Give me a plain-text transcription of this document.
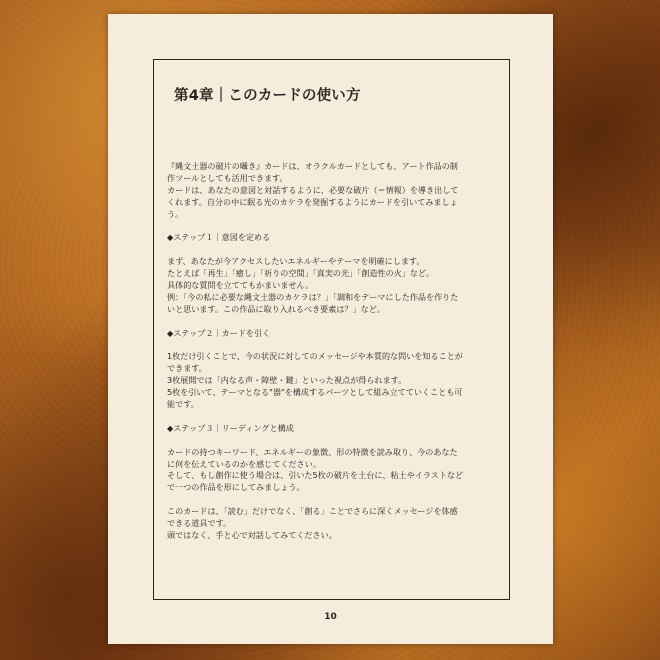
第4章｜このカードの使い方
『縄文土器の破片の囁き』カードは、オラクルカードとしても、アート作品の制
作ツールとしても活用できます。
カードは、あなたの意図と対話するように、必要な破片（＝情報）を導き出して
くれます。自分の中に眠る光のカケラを発掘するようにカードを引いてみましょ
う。
◆ステップ１｜意図を定める
まず、あなたが今アクセスしたいエネルギーやテーマを明確にします。
たとえば「再生」「癒し」「祈りの空間」「真実の光」「創造性の火」など。
具体的な質問を立ててもかまいません。
例：「今の私に必要な縄文土器のカケラは？」「調和をテーマにした作品を作りた
いと思います。この作品に取り入れるべき要素は？」など。
◆ステップ２｜カードを引く
1枚だけ引くことで、今の状況に対してのメッセージや本質的な問いを知ることが
できます。
3枚展開では「内なる声・障壁・鍵」といった視点が得られます。
5枚を引いて、テーマとなる"器"を構成するパーツとして組み立てていくことも可
能です。
◆ステップ３｜リーディングと構成
カードの持つキーワード、エネルギーの象徴、形の特徴を読み取り、今のあなた
に何を伝えているのかを感じてください。
そして、もし創作に使う場合は、引いた5枚の破片を土台に、粘土やイラストなど
で一つの作品を形にしてみましょう。
このカードは、「読む」だけでなく、「創る」ことでさらに深くメッセージを体感
できる道具です。
頭ではなく、手と心で対話してみてください。
10
